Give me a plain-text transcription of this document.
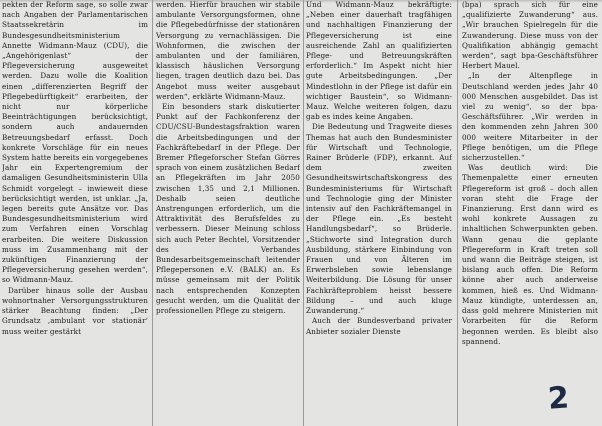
pekten der Reform sage, so solle zwar nach Angaben der Parlamentarischen Staatssekretärin im Bundesgesundheitsministerium Annette Widmann-Mauz (CDU), die „Angehörigenlast“ der Pflegeversicherung ausgeweitet werden. Dazu wolle die Koalition einen „differenzierten Begriff der Pflegebedürftigkeit“ erarbeiten, der nicht nur körperliche Beeinträchtigungen berücksichtigt, sondern auch andauernden Betreuungsbedarf erfasst. Doch konkrete Vorschläge für ein neues System hatte bereits ein vorgegebenes Jahr ein Expertengremium der damaligen Gesundheitsministerin Ulla Schmidt vorgelegt – inwieweit diese berücksichtigt werden, ist unklar. „Ja, legen bereits gute Ansätze vor. Das Bundesgesundheitsministerium wird zum Verfahren einen Vorschlag erarbeiten. Die weitere Diskussion muss im Zusammenhang mit der zukünftigen Finanzierung der Pflegeversicherung gesehen werden“, so Widmann-Mauz.

Darüber hinaus solle der Ausbau wohnortnaher Versorgungsstrukturen stärker Beachtung finden: „Der Grundsatz ‚ambulant vor stationär‘ muss weiter gestärkt

werden. Hierfür brauchen wir stabile ambulante Versorgungsformen, ohne die Pflegebedürfnisse der stationären Versorgung zu vernachlässigen. Die Wohnformen, die zwischen der ambulanten und der familiären, klassisch häuslichen Versorgung liegen, tragen deutlich dazu bei. Das Angebot muss weiter ausgebaut werden“, erklärte Widmann-Mauz.

Ein besonders stark diskutierter Punkt auf der Fachkonferenz der CDU/CSU-Bundestagsfraktion waren die Arbeitsbedingungen und der Fachkräftebedarf in der Pflege. Der Bremer Pflegeforscher Stefan Görres sprach von einem zusätzlichen Bedarf an Pflegekräften im Jahr 2050 zwischen 1,35 und 2,1 Millionen. Deshalb seien deutliche Anstrengungen erforderlich, um die Attraktivität des Berufsfeldes zu verbessern. Dieser Meinung schloss sich auch Peter Bechtel, Vorsitzender des Verbandes Bundesarbeitsgemeinschaft leitender Pflegepersonen e.V. (BALK) an. Es müsse gemeinsam mit der Politik nach entsprechenden Konzepten gesucht werden, um die Qualität der professionellen Pflege zu steigern.

Und Widmann-Mauz bekräftigte: „Neben einer dauerhaft tragfähigen und nachhaltigen Finanzierung der Pflegeversicherung ist eine ausreichende Zahl an qualifizierten Pflege- und Betreuungskräften erforderlich.“ Im Aspekt nicht hier gute Arbeitsbedingungen. „Der Mindestlohn in der Pflege ist dafür ein wichtiger Baustein“, so Widmann-Mauz. Welche weiteren folgen, dazu gab es indes keine Angaben.

Die Bedeutung und Tragweite dieses Themas hat auch den Bundesminister für Wirtschaft und Technologie, Rainer Brüderle (FDP), erkannt. Auf dem zweiten Gesundheitswirtschaftskongress des Bundesministeriums für Wirtschaft und Technologie ging der Minister intensiv auf den Fachkräftemangel in der Pflege ein. „Es besteht Handlungsbedarf“, so Brüderle. „Stichworte sind Integration durch Ausbildung, stärkere Einbindung von Frauen und von Älteren im Erwerbsleben sowie lebenslange Weiterbildung. Die Lösung für unser Fachkräfteproblem heisst bessere Bildung – und auch kluge Zuwanderung.“

Auch der Bundesverband privater Anbieter sozialer Dienste

(bpa) sprach sich für eine „qualifizierte Zuwanderung“ aus. „Wir brauchen Spielregeln für die Zuwanderung. Diese muss von der Qualifikation abhängig gemacht werden“, sagt bpa-Geschäftsführer Herbert Mauel.

„In der Altenpflege in Deutschland werden jedes Jahr 40 000 Menschen ausgebildet. Das ist viel zu wenig“, so der bpa-Geschäftsführer. „Wir werden in den kommenden zehn Jahren 300 000 weitere Mitarbeiter in der Pflege benötigen, um die Pflege sicherzustellen.“

Was deutlich wird: Die Themenpalette einer erneuten Pflegereform ist groß – doch allen voran steht die Frage der Finanzierung. Erst dann wird es wohl konkrete Aussagen zu inhaltlichen Schwerpunkten geben. Wann genau die geplante Pflegereform in Kraft treten soll und wann die Beiträge steigen, ist bislang auch offen. Die Reform könne aber auch anderweise kommen, hieß es. Und Widmann-Mauz kündigte, unterdessen an, dass gold mehrere Ministerien mit Vorarbeiten für die Reform begonnen werden. Es bleibt also spannend.

2
